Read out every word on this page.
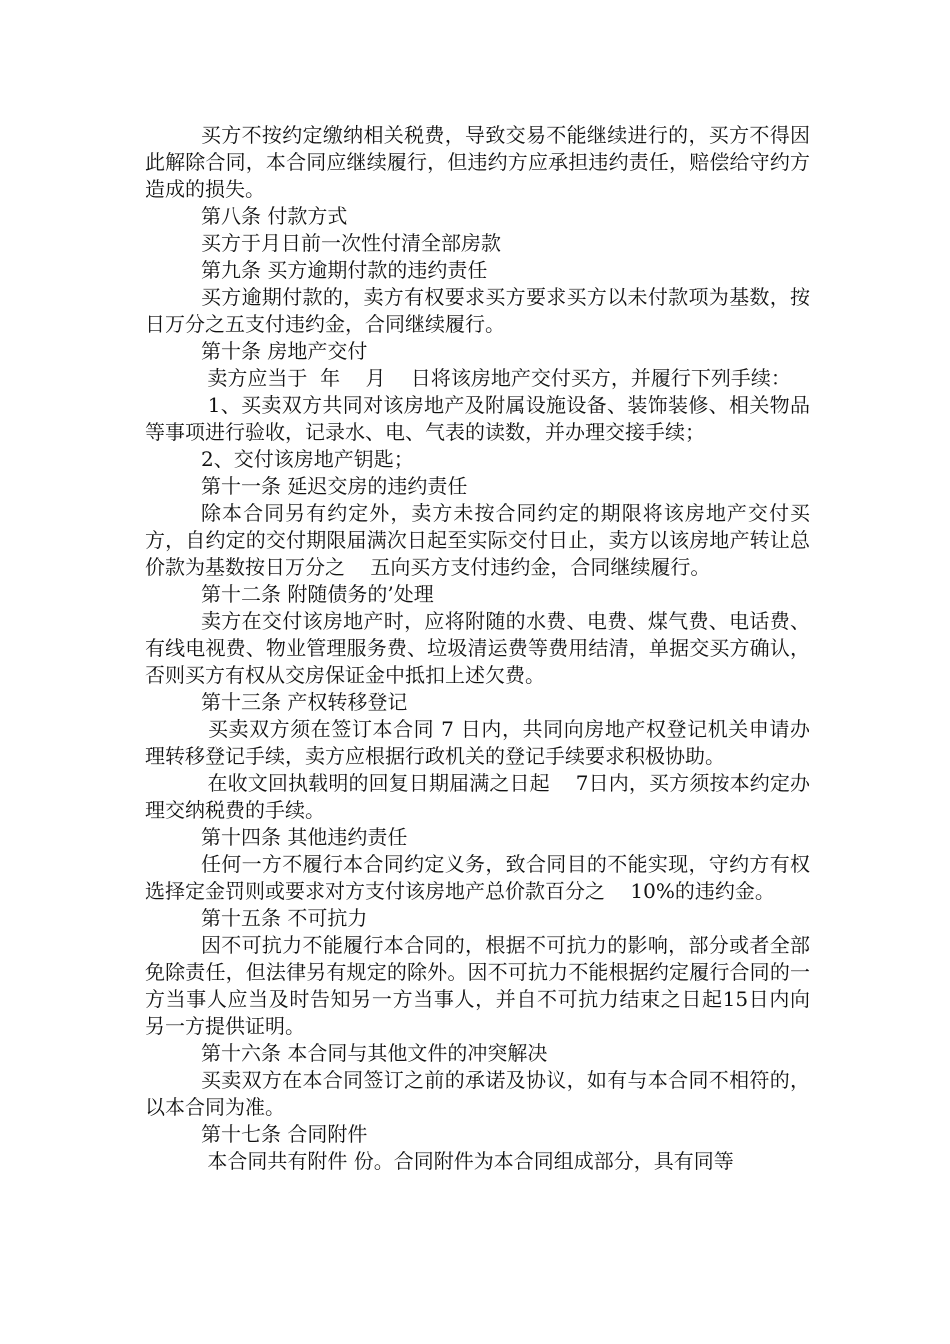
买方不按约定缴纳相关税费，导致交易不能继续进行的，买方不得因此解除合同，本合同应继续履行，但违约方应承担违约责任，赔偿给守约方造成的损失。

第八条 付款方式

买方于月日前一次性付清全部房款

第九条 买方逾期付款的违约责任

买方逾期付款的，卖方有权要求买方要求买方以未付款项为基数，按日万分之五支付违约金，合同继续履行。

第十条 房地产交付

卖方应当于  年    月    日将该房地产交付买方，并履行下列手续：

1、买卖双方共同对该房地产及附属设施设备、装饰装修、相关物品等事项进行验收，记录水、电、气表的读数，并办理交接手续；

2、交付该房地产钥匙；

第十一条 延迟交房的违约责任

除本合同另有约定外，卖方未按合同约定的期限将该房地产交付买方，自约定的交付期限届满次日起至实际交付日止，卖方以该房地产转让总价款为基数按日万分之    五向买方支付违约金，合同继续履行。

第十二条 附随债务的’处理

卖方在交付该房地产时，应将附随的水费、电费、煤气费、电话费、有线电视费、物业管理服务费、垃圾清运费等费用结清，单据交买方确认，否则买方有权从交房保证金中抵扣上述欠费。

第十三条 产权转移登记

买卖双方须在签订本合同 7 日内，共同向房地产权登记机关申请办理转移登记手续，卖方应根据行政机关的登记手续要求积极协助。

在收文回执载明的回复日期届满之日起    7日内，买方须按本约定办理交纳税费的手续。

第十四条 其他违约责任

任何一方不履行本合同约定义务，致合同目的不能实现，守约方有权选择定金罚则或要求对方支付该房地产总价款百分之    10%的违约金。

第十五条 不可抗力

因不可抗力不能履行本合同的，根据不可抗力的影响，部分或者全部免除责任，但法律另有规定的除外。因不可抗力不能根据约定履行合同的一方当事人应当及时告知另一方当事人，并自不可抗力结束之日起15日内向另一方提供证明。

第十六条 本合同与其他文件的冲突解决

买卖双方在本合同签订之前的承诺及协议，如有与本合同不相符的，以本合同为准。

第十七条 合同附件

本合同共有附件 份。合同附件为本合同组成部分，具有同等
